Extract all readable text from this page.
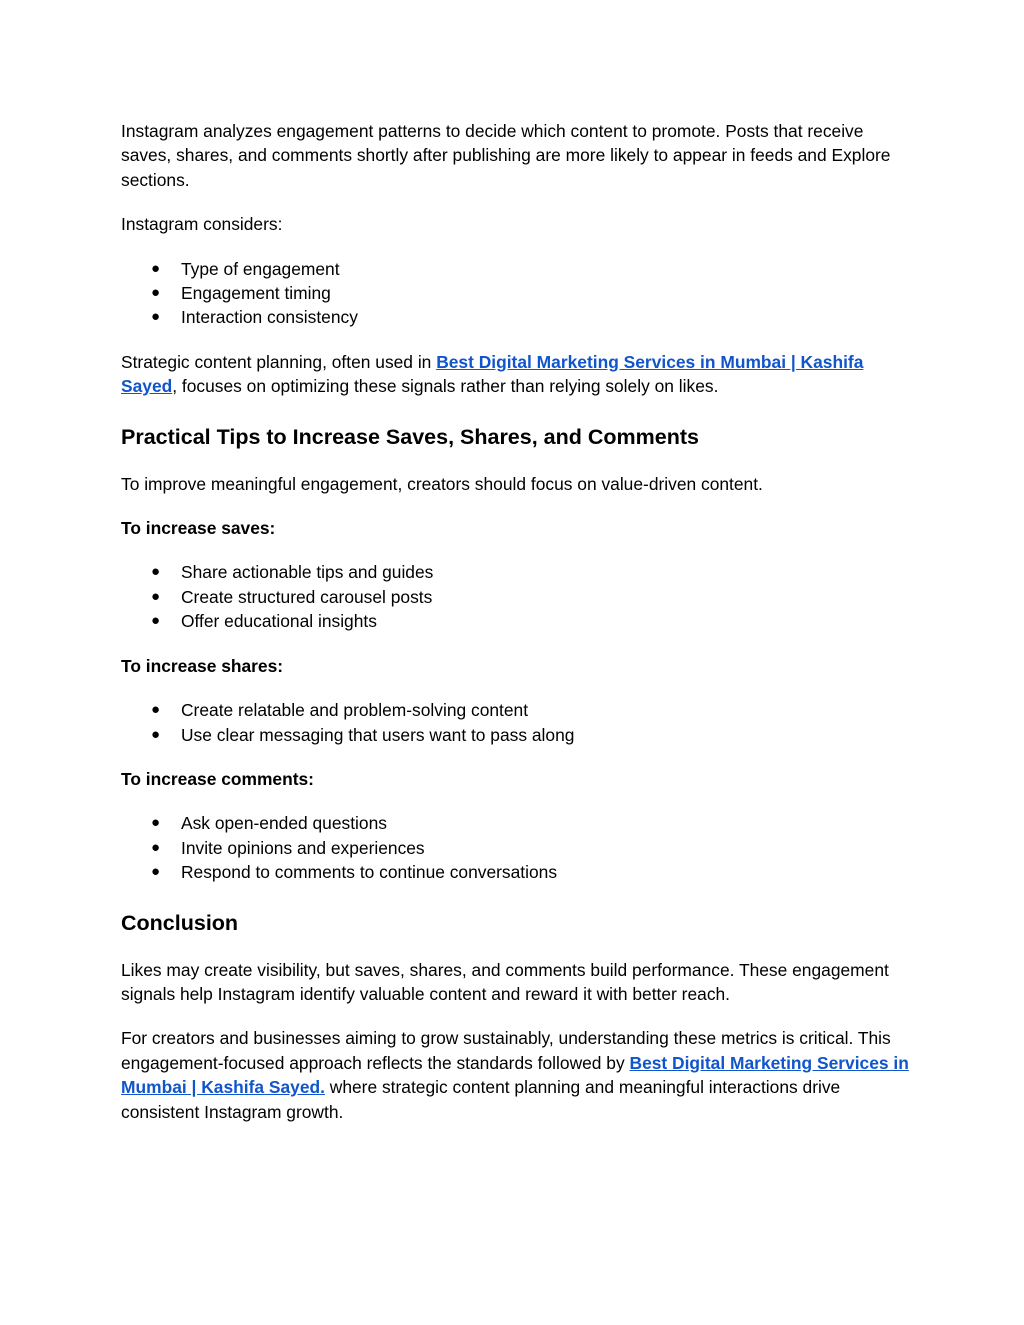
Instagram analyzes engagement patterns to decide which content to promote. Posts that receive saves, shares, and comments shortly after publishing are more likely to appear in feeds and Explore sections.

Instagram considers:

● Type of engagement
● Engagement timing
● Interaction consistency

Strategic content planning, often used in Best Digital Marketing Services in Mumbai | Kashifa Sayed, focuses on optimizing these signals rather than relying solely on likes.

Practical Tips to Increase Saves, Shares, and Comments

To improve meaningful engagement, creators should focus on value-driven content.

To increase saves:

● Share actionable tips and guides
● Create structured carousel posts
● Offer educational insights

To increase shares:

● Create relatable and problem-solving content
● Use clear messaging that users want to pass along

To increase comments:

● Ask open-ended questions
● Invite opinions and experiences
● Respond to comments to continue conversations
Conclusion

Likes may create visibility, but saves, shares, and comments build performance. These engagement signals help Instagram identify valuable content and reward it with better reach.

For creators and businesses aiming to grow sustainably, understanding these metrics is critical. This engagement-focused approach reflects the standards followed by Best Digital Marketing Services in Mumbai | Kashifa Sayed. where strategic content planning and meaningful interactions drive consistent Instagram growth.
